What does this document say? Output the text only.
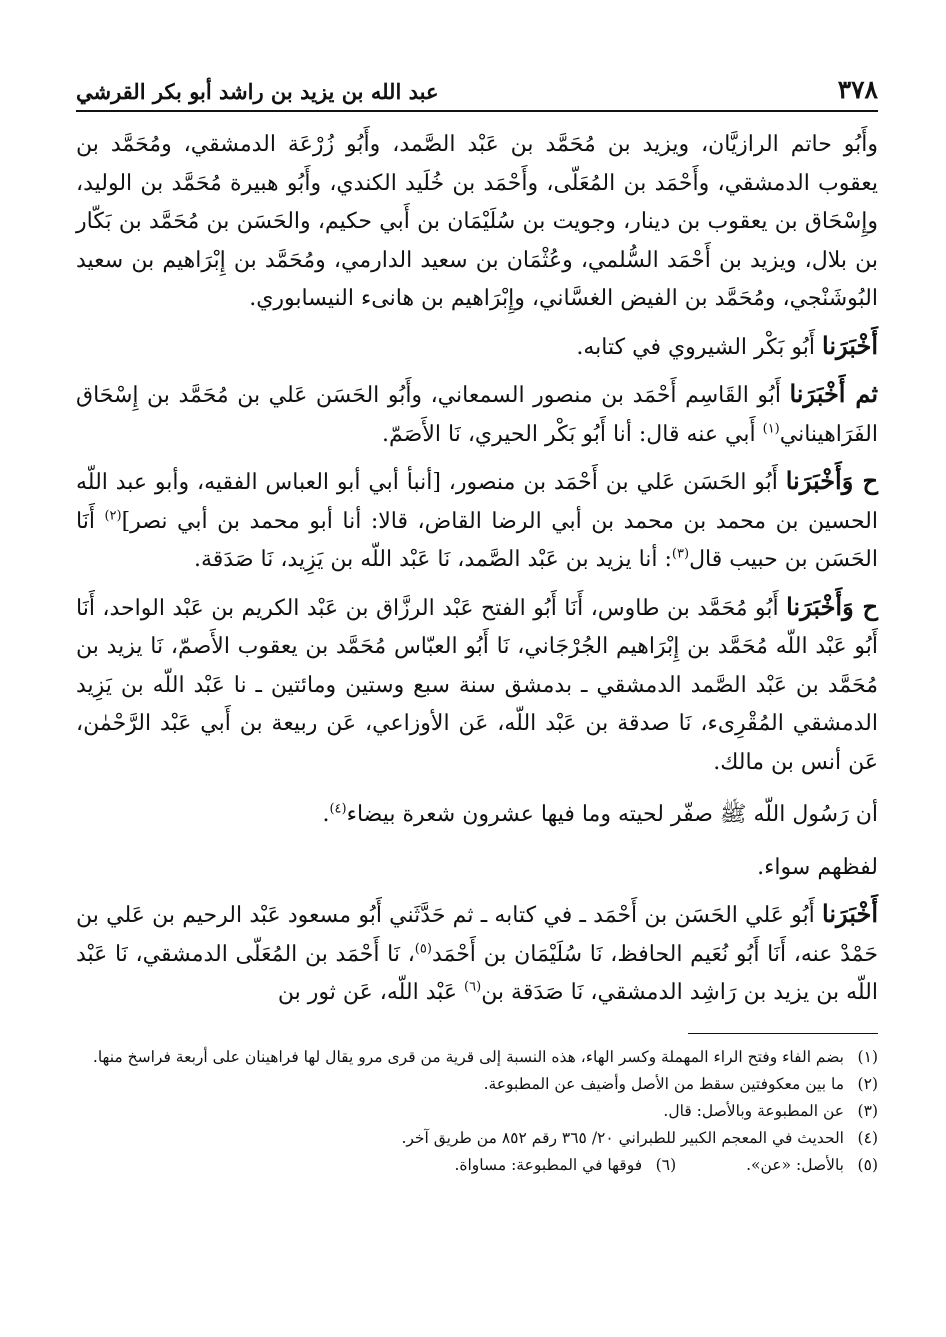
٣٧٨
عبد الله بن يزيد بن راشد أبو بكر القرشي

وأَبُو حاتم الرازيَّان، ويزيد بن مُحَمَّد بن عَبْد الصَّمد، وأَبُو زُرْعَة الدمشقي، ومُحَمَّد بن يعقوب الدمشقي، وأَحْمَد بن المُعَلّى، وأَحْمَد بن خُلَيد الكندي، وأَبُو هبيرة مُحَمَّد بن الوليد، وإِسْحَاق بن يعقوب بن دينار، وجويت بن سُلَيْمَان بن أَبي حكيم، والحَسَن بن مُحَمَّد بن بَكّار بن بلال، ويزيد بن أَحْمَد السُّلمي، وعُثْمَان بن سعيد الدارمي، ومُحَمَّد بن إِبْرَاهيم بن سعيد البُوشَنْجي، ومُحَمَّد بن الفيض الغسَّاني، وإِبْرَاهيم بن هانىء النيسابوري.

أَخْبَرَنا أَبُو بَكْر الشيروي في كتابه.

ثم أَخْبَرَنا أَبُو القَاسِم أَحْمَد بن منصور السمعاني، وأَبُو الحَسَن عَلي بن مُحَمَّد بن إِسْحَاق الفَرَاهيناني$^{(١)}$ أَبي عنه قال: أنا أَبُو بَكْر الحيري، نَا الأَصَمّ.

ح وَأَخْبَرَنا أَبُو الحَسَن عَلي بن أَحْمَد بن منصور، [أنبأ أبي أبو العباس الفقيه، وأبو عبد اللّه الحسين بن محمد بن محمد بن أبي الرضا القاض، قالا: أنا أبو محمد بن أبي نصر]$^{(٢)}$ أَنَا الحَسَن بن حبيب قال$^{(٣)}$: أنا يزيد بن عَبْد الصَّمد، نَا عَبْد اللّه بن يَزِيد، نَا صَدَقة.

ح وَأَخْبَرَنا أَبُو مُحَمَّد بن طاوس، أَنَا أَبُو الفتح عَبْد الرزَّاق بن عَبْد الكريم بن عَبْد الواحد، أَنَا أَبُو عَبْد اللّه مُحَمَّد بن إِبْرَاهيم الجُرْجَاني، نَا أَبُو العبّاس مُحَمَّد بن يعقوب الأَصمّ، نَا يزيد بن مُحَمَّد بن عَبْد الصَّمد الدمشقي ـ بدمشق سنة سبع وستين ومائتين ـ نا عَبْد اللّه بن يَزِيد الدمشقي المُقْرِىء، نَا صدقة بن عَبْد اللّه، عَن الأوزاعي، عَن ربيعة بن أَبي عَبْد الرَّحْمٰن، عَن أنس بن مالك.

أن رَسُول اللّه ﷺ صفّر لحيته وما فيها عشرون شعرة بيضاء$^{(٤)}$.

لفظهم سواء.

أَخْبَرَنا أَبُو عَلي الحَسَن بن أَحْمَد ـ في كتابه ـ ثم حَدَّثَني أَبُو مسعود عَبْد الرحيم بن عَلي بن حَمْدْ عنه، أَنَا أَبُو نُعَيم الحافظ، نَا سُلَيْمَان بن أَحْمَد$^{(٥)}$، نَا أَحْمَد بن المُعَلّى الدمشقي، نَا عَبْد اللّه بن يزيد بن رَاشِد الدمشقي، نَا صَدَقة بن$^{(٦)}$ عَبْد اللّه، عَن ثور بن

(١)
بضم الفاء وفتح الراء المهملة وكسر الهاء، هذه النسبة إلى قرية من قرى مرو يقال لها فراهينان على أربعة فراسخ منها.
(٢)
ما بين معكوفتين سقط من الأصل وأضيف عن المطبوعة.
(٣)
عن المطبوعة وبالأصل: قال.
(٤)
الحديث في المعجم الكبير للطبراني ٢٠/ ٣٦٥ رقم ٨٥٢ من طريق آخر.
(٥)
بالأصل: «عن».
(٦)
فوقها في المطبوعة: مساواة.
